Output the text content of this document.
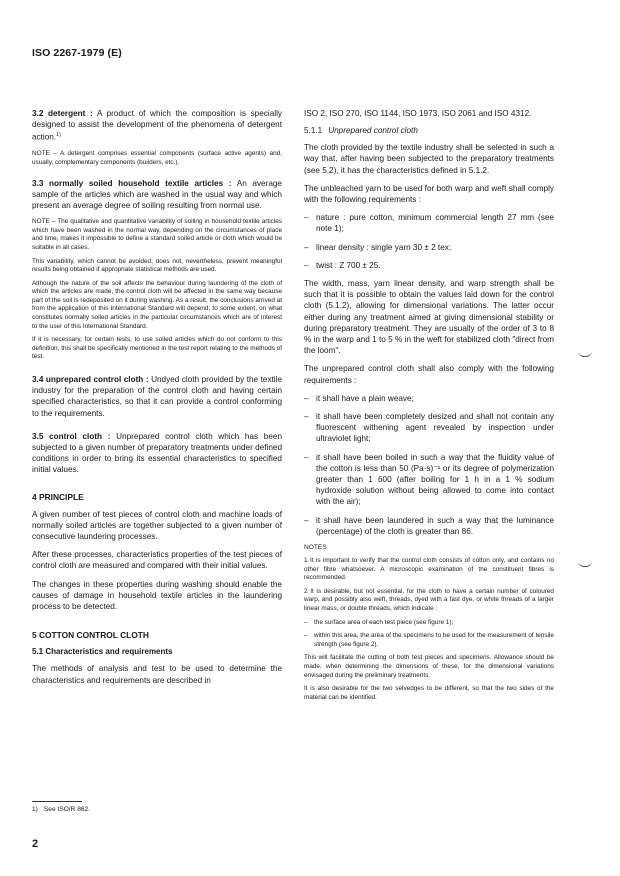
ISO 2267-1979 (E)

3.2 detergent : A product of which the composition is specially designed to assist the development of the phenomena of detergent action.$^{1)}$

NOTE – A detergent comprises essential components (surface active agents) and, usually, complementary components (builders, etc.).

3.3 normally soiled household textile articles : An average sample of the articles which are washed in the usual way and which present an average degree of soiling resulting from normal use.

NOTE – The qualitative and quantitative variability of soiling in household textile articles which have been washed in the normal way, depending on the circumstances of place and time, makes it impossible to define a standard soiled article or cloth which would be suitable in all cases.

This variability, which cannot be avoided, does not, nevertheless, prevent meaningful results being obtained if appropriate statistical methods are used.

Although the nature of the soil affects the behaviour during laundering of the cloth of which the articles are made, the control cloth will be affected in the same way because part of the soil is redeposited on it during washing. As a result, the conclusions arrived at from the application of this International Standard will depend, to some extent, on what constitutes normally soiled articles in the particular circumstances which are of interest to the user of this International Standard.

If it is necessary, for certain tests, to use soiled articles which do not conform to this definition, this shall be specifically mentioned in the test report relating to the methods of test.

3.4 unprepared control cloth : Undyed cloth provided by the textile industry for the preparation of the control cloth and having certain specified characteristics, so that it can provide a control conforming to the requirements.

3.5 control cloth : Unprepared control cloth which has been subjected to a given number of preparatory treatments under defined conditions in order to bring its essential characteristics to specified initial values.

4 PRINCIPLE

A given number of test pieces of control cloth and machine loads of normally soiled articles are together subjected to a given number of consecutive laundering processes.

After these processes, characteristics properties of the test pieces of control cloth are measured and compared with their initial values.

The changes in these properties during washing should enable the causes of damage in household textile articles in the laundering process to be detected.

5 COTTON CONTROL CLOTH
5.1 Characteristics and requirements

The methods of analysis and test to be used to determine the characteristics and requirements are described in

ISO 2, ISO 270, ISO 1144, ISO 1973, ISO 2061 and ISO 4312.

5.1.1 Unprepared control cloth

The cloth provided by the textile industry shall be selected in such a way that, after having been subjected to the preparatory treatments (see 5.2), it has the characteristics defined in 5.1.2.

The unbleached yarn to be used for both warp and weft shall comply with the following requirements :

– nature : pure cotton, minimum commercial length 27 mm (see note 1);

– linear density : single yarn 30 ± 2 tex;

– twist : Z 700 ± 25.

The width, mass, yarn linear density, and warp strength shall be such that it is possible to obtain the values laid down for the control cloth (5.1.2), allowing for dimensional variations. The latter occur either during any treatment aimed at giving dimensional stability or during preparatory treatment. They are usually of the order of 3 to 8 % in the warp and 1 to 5 % in the weft for stabilized cloth "direct from the loom".

The unprepared control cloth shall also comply with the following requirements :

– it shall have a plain weave;

– it shall have been completely desized and shall not contain any fluorescent withening agent revealed by inspection under ultraviolet light;

– it shall have been boiled in such a way that the fluidity value of the cotton is less than 50 (Pa·s)⁻¹ or its degree of polymerization greater than 1 600 (after boiling for 1 h in a 1 % sodium hydroxide solution without being allowed to come into contact with the air);

– it shall have been laundered in such a way that the luminance (percentage) of the cloth is greater than 86.

NOTES

1 It is important to verify that the control cloth consists of cotton only, and contains no other fibre whatsoever. A microscopic examination of the constituent fibres is recommended.

2 It is desirable, but not essential, for the cloth to have a certain number of coloured warp, and possibly also weft, threads, dyed with a fast dye, or white threads of a larger linear mass, or double threads, which indicate :

– the surface area of each test piece (see figure 1);

– within this area, the area of the specimens to be used for the measurement of tensile strength (see figure 2).

This will facilitate the cutting of both test pieces and specimens. Allowance should be made, when determining the dimensions of these, for the dimensional variations envisaged during the preliminary treatments.

It is also desirable for the two selvedges to be different, so that the two sides of the material can be identified.

1) See ISO/R 862.
2
